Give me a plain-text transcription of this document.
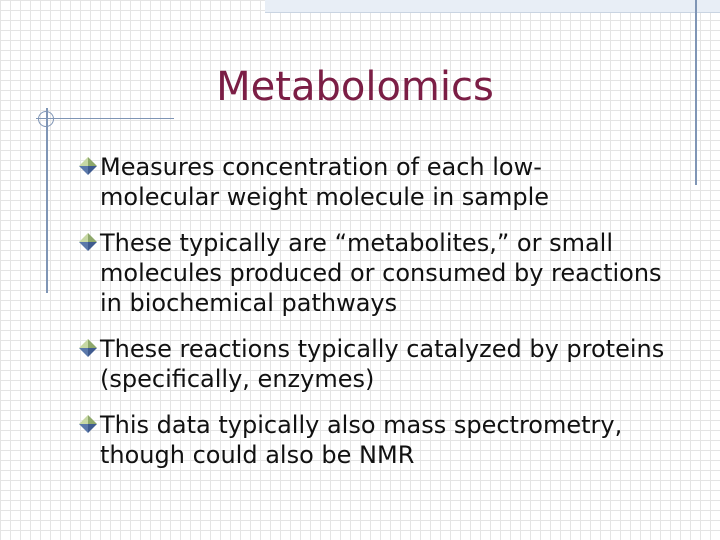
Metabolomics
Measures concentration of each low-
molecular weight molecule in sample
These typically are “metabolites,” or small
molecules produced or consumed by reactions
in biochemical pathways
These reactions typically catalyzed by proteins
(specifically, enzymes)
This data typically also mass spectrometry,
though could also be NMR
